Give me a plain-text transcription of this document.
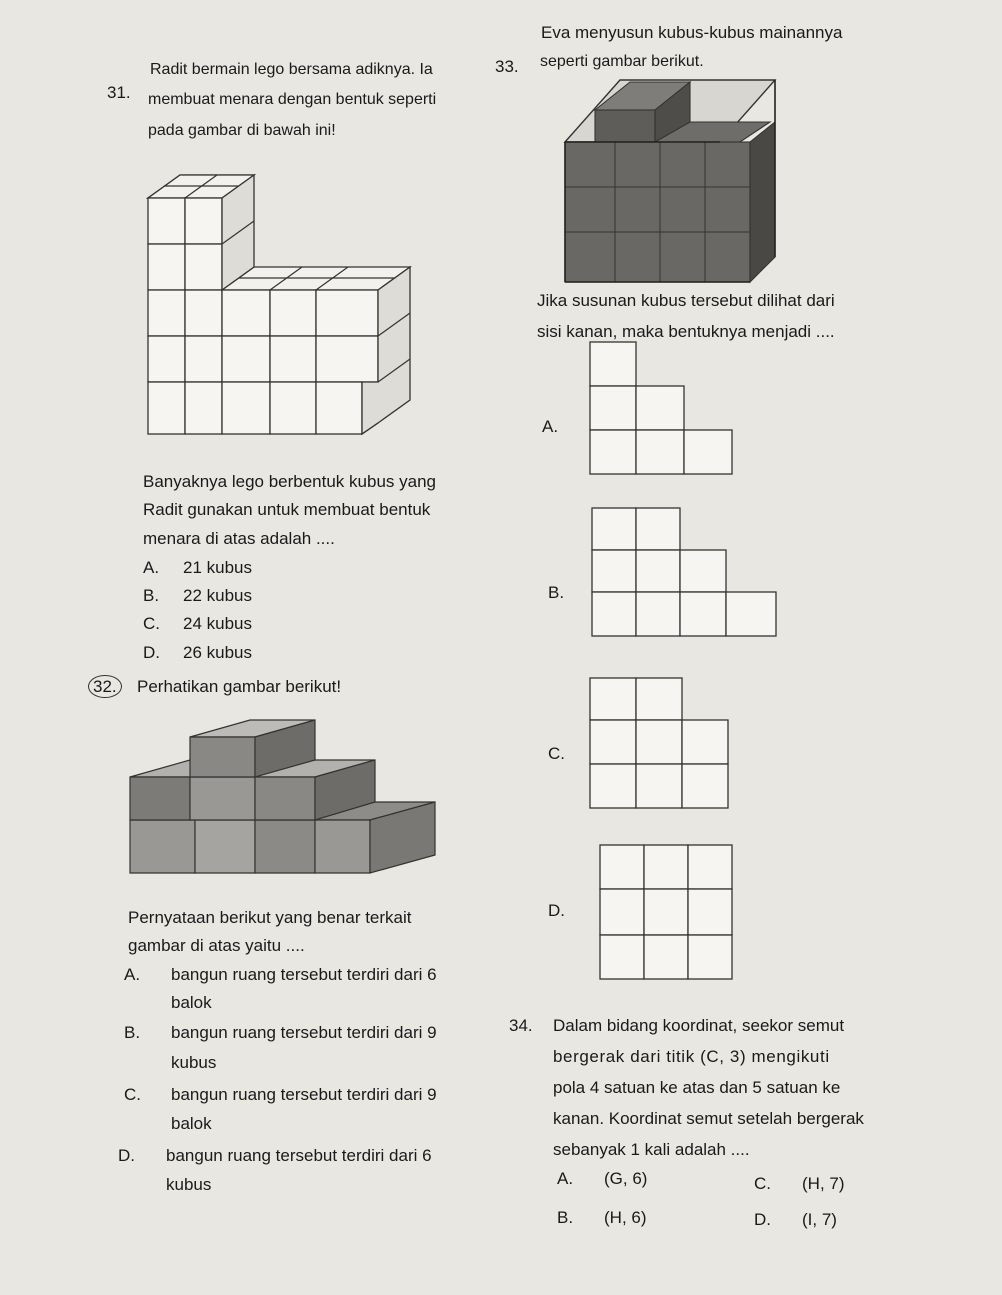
31.
Radit bermain lego bersama adiknya. Ia
membuat menara dengan bentuk seperti
pada gambar di bawah ini!
Banyaknya lego berbentuk kubus yang
Radit gunakan untuk membuat bentuk
menara di atas adalah ....
A. 21 kubus
B. 22 kubus
C. 24 kubus
D. 26 kubus
32. Perhatikan gambar berikut!
Pernyataan berikut yang benar terkait
gambar di atas yaitu ....
A. bangun ruang tersebut terdiri dari 6
balok
B. bangun ruang tersebut terdiri dari 9
kubus
C. bangun ruang tersebut terdiri dari 9
balok
D. bangun ruang tersebut terdiri dari 6
kubus
33.
Eva menyusun kubus-kubus mainannya
seperti gambar berikut.
Jika susunan kubus tersebut dilihat dari
sisi kanan, maka bentuknya menjadi ....
A.
B.
C.
D.
34. Dalam bidang koordinat, seekor semut
bergerak dari titik (C, 3) mengikuti
pola 4 satuan ke atas dan 5 satuan ke
kanan. Koordinat semut setelah bergerak
sebanyak 1 kali adalah ....
A. (G, 6)
B. (H, 6)
C. (H, 7)
D. (I, 7)
